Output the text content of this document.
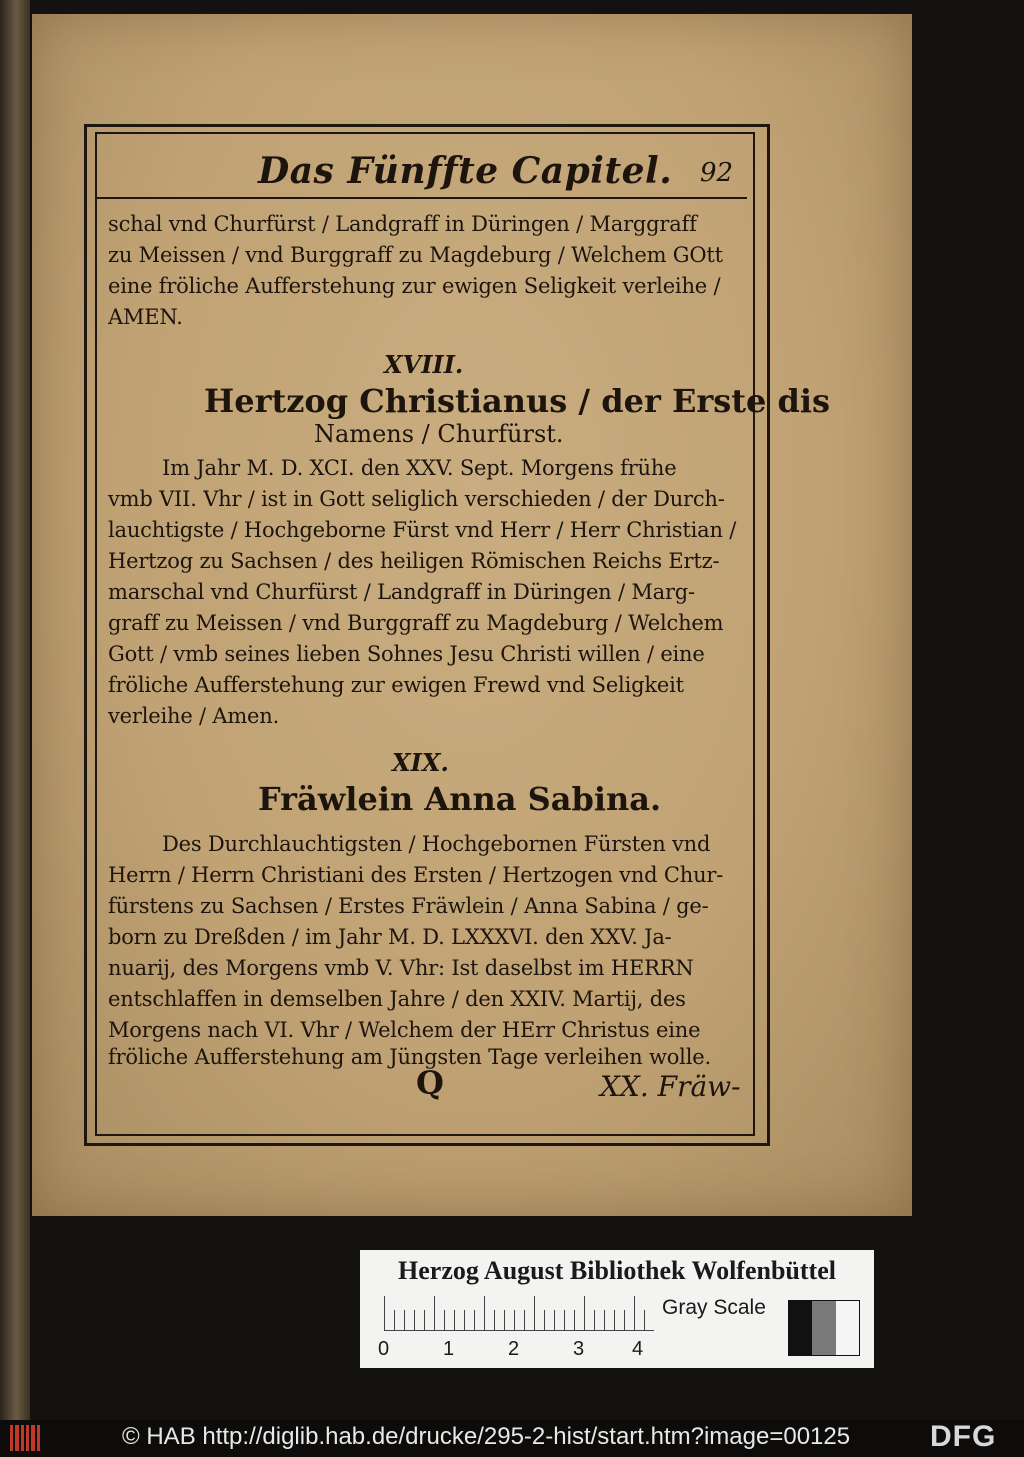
Das Fünffte Capitel. 92
schal vnd Churfürst / Landgraff in Düringen / Marggraff
zu Meissen / vnd Burggraff zu Magdeburg / Welchem GOtt
eine fröliche Aufferstehung zur ewigen Seligkeit verleihe /
AMEN.
XVIII.
Hertzog Christianus / der Erste dis
Namens / Churfürst.
Im Jahr M. D. XCI. den XXV. Sept. Morgens frühe
vmb VII. Vhr / ist in Gott seliglich verschieden / der Durch-
lauchtigste / Hochgeborne Fürst vnd Herr / Herr Christian /
Hertzog zu Sachsen / des heiligen Römischen Reichs Ertz-
marschal vnd Churfürst / Landgraff in Düringen / Marg-
graff zu Meissen / vnd Burggraff zu Magdeburg / Welchem
Gott / vmb seines lieben Sohnes Jesu Christi willen / eine
fröliche Aufferstehung zur ewigen Frewd vnd Seligkeit
verleihe / Amen.
XIX.
Fräwlein Anna Sabina.
Des Durchlauchtigsten / Hochgebornen Fürsten vnd
Herrn / Herrn Christiani des Ersten / Hertzogen vnd Chur-
fürstens zu Sachsen / Erstes Fräwlein / Anna Sabina / ge-
born zu Dreßden / im Jahr M. D. LXXXVI. den XXV. Ja-
nuarij, des Morgens vmb V. Vhr: Ist daselbst im HERRN
entschlaffen in demselben Jahre / den XXIV. Martij, des
Morgens nach VI. Vhr / Welchem der HErr Christus eine
fröliche Aufferstehung am Jüngsten Tage verleihen wolle.
Q	XX. Fräw-
Herzog August Bibliothek Wolfenbüttel
0	1	2	3 4
Gray Scale
© HAB http://diglib.hab.de/drucke/295-2-hist/start.htm?image=00125	DFG
